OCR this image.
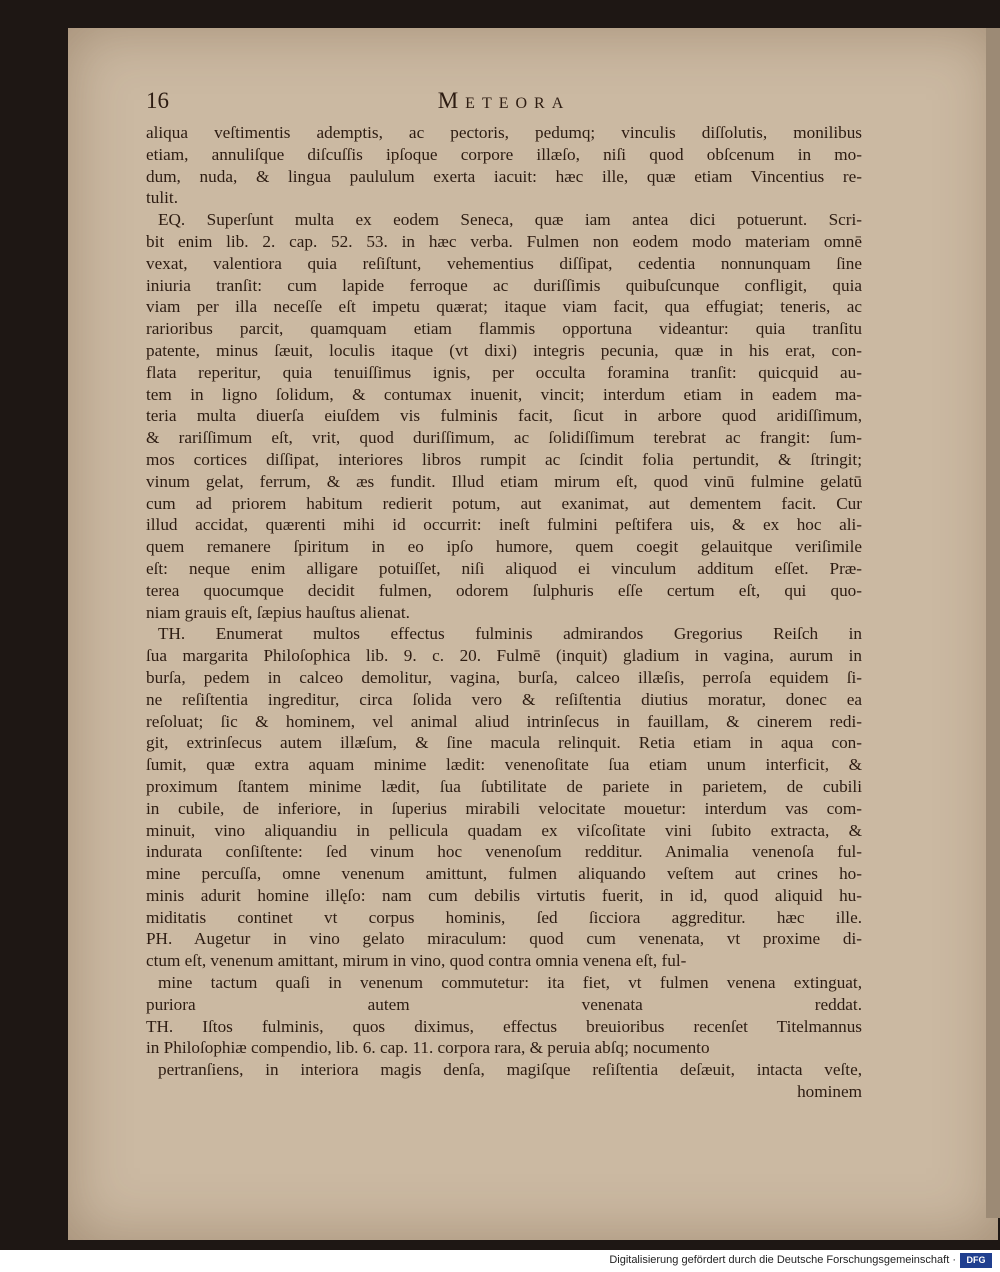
16	Meteora
aliqua veſtimentis ademptis, ac pectoris, pedumq; vinculis diſſolutis, monilibus
etiam, annuliſque diſcuſſis ipſoque corpore illæſo, niſi quod obſcenum in mo-
dum, nuda, & lingua paululum exerta iacuit: hæc ille, quæ etiam Vincentius re-
tulit.
EQ. Superſunt multa ex eodem Seneca, quæ iam antea dici potuerunt. Scri-
bit enim lib. 2. cap. 52. 53. in hæc verba. Fulmen non eodem modo materiam omnē
vexat, valentiora quia reſiſtunt, vehementius diſſipat, cedentia nonnunquam ſine
iniuria tranſit: cum lapide ferroque ac duriſſimis quibuſcunque confligit, quia
viam per illa neceſſe eſt impetu quærat; itaque viam facit, qua effugiat; teneris, ac
rarioribus parcit, quamquam etiam flammis opportuna videantur: quia tranſitu
patente, minus ſæuit, loculis itaque (vt dixi) integris pecunia, quæ in his erat, con-
flata reperitur, quia tenuiſſimus ignis, per occulta foramina tranſit: quicquid au-
tem in ligno ſolidum, & contumax inuenit, vincit; interdum etiam in eadem ma-
teria multa diuerſa eiuſdem vis fulminis facit, ſicut in arbore quod aridiſſimum,
& rariſſimum eſt, vrit, quod duriſſimum, ac ſolidiſſimum terebrat ac frangit: ſum-
mos cortices diſſipat, interiores libros rumpit ac ſcindit folia pertundit, & ſtringit;
vinum gelat, ferrum, & æs fundit. Illud etiam mirum eſt, quod vinū fulmine gelatū
cum ad priorem habitum redierit potum, aut exanimat, aut dementem facit. Cur
illud accidat, quærenti mihi id occurrit: ineſt fulmini peſtifera uis, & ex hoc ali-
quem remanere ſpiritum in eo ipſo humore, quem coegit gelauitque veriſimile
eſt: neque enim alligare potuiſſet, niſi aliquod ei vinculum additum eſſet. Præ-
terea quocumque decidit fulmen, odorem ſulphuris eſſe certum eſt, qui quo-
niam grauis eſt, ſæpius hauſtus alienat.
TH. Enumerat multos effectus fulminis admirandos Gregorius Reiſch in
ſua margarita Philoſophica lib. 9. c. 20. Fulmē (inquit) gladium in vagina, aurum in
burſa, pedem in calceo demolitur, vagina, burſa, calceo illæſis, perroſa equidem ſi-
ne reſiſtentia ingreditur, circa ſolida vero & reſiſtentia diutius moratur, donec ea
reſoluat; ſic & hominem, vel animal aliud intrinſecus in fauillam, & cinerem redi-
git, extrinſecus autem illæſum, & ſine macula relinquit. Retia etiam in aqua con-
ſumit, quæ extra aquam minime lædit: venenoſitate ſua etiam unum interficit, &
proximum ſtantem minime lædit, ſua ſubtilitate de pariete in parietem, de cubili
in cubile, de inferiore, in ſuperius mirabili velocitate mouetur: interdum vas com-
minuit, vino aliquandiu in pellicula quadam ex viſcoſitate vini ſubito extracta, &
indurata conſiſtente: ſed vinum hoc venenoſum redditur. Animalia venenoſa ful-
mine percuſſa, omne venenum amittunt, fulmen aliquando veſtem aut crines ho-
minis adurit homine illęſo: nam cum debilis virtutis fuerit, in id, quod aliquid hu-
miditatis continet vt corpus hominis, ſed ſicciora aggreditur. hæc ille.
PH. Augetur in vino gelato miraculum: quod cum venenata, vt proxime di-
ctum eſt, venenum amittant, mirum in vino, quod contra omnia venena eſt, ful-
mine tactum quaſi in venenum commutetur: ita fiet, vt fulmen venena extinguat,
puriora autem venenata reddat.
TH. Iſtos fulminis, quos diximus, effectus breuioribus recenſet Titelmannus
in Philoſophiæ compendio, lib. 6. cap. 11. corpora rara, & peruia abſq; nocumento
pertranſiens, in interiora magis denſa, magiſque reſiſtentia deſæuit, intacta veſte,
hominem
Digitalisierung gefördert durch die Deutsche Forschungsgemeinschaft ·	DFG
